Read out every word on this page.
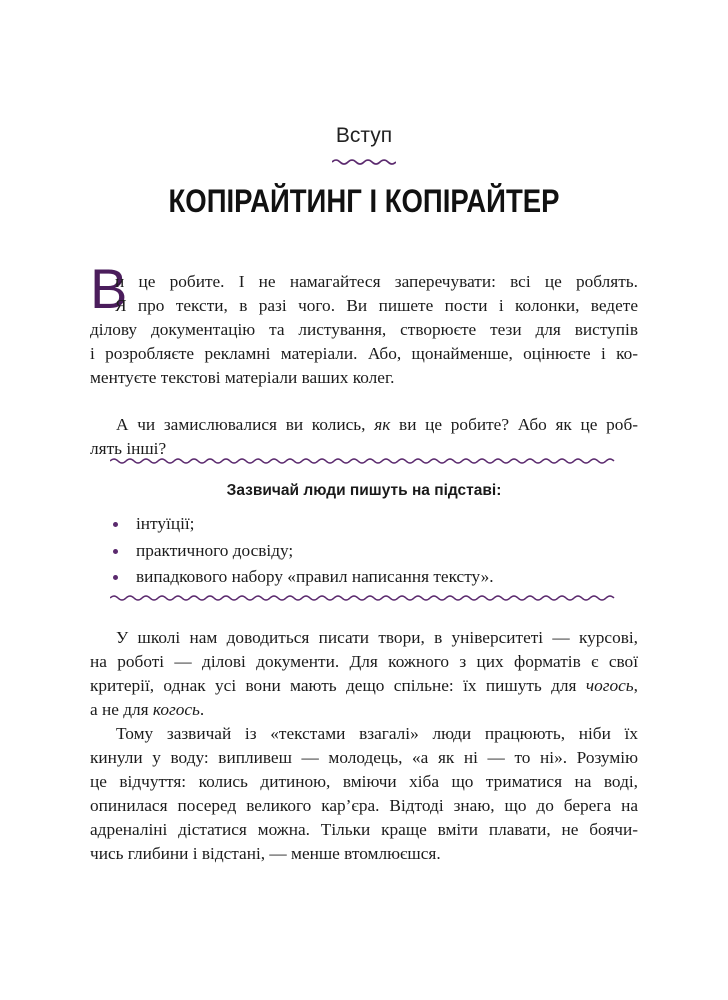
Вступ
КОПІРАЙТИНГ І КОПІРАЙТЕР
В
и це робите. І не намагайтеся заперечувати: всі це роблять.
Я про тексти, в разі чого. Ви пишете пости і колонки, ведете
ділову документацію та листування, створюєте тези для виступів
і розробляєте рекламні матеріали. Або, щонайменше, оцінюєте і ко-
ментуєте текстові матеріали ваших колег.
А чи замислювалися ви колись, як ви це робите? Або як це роб-
лять інші?
Зазвичай люди пишуть на підставі:
інтуїції;
практичного досвіду;
випадкового набору «правил написання тексту».
У школі нам доводиться писати твори, в університеті — курсові,
на роботі — ділові документи. Для кожного з цих форматів є свої
критерії, однак усі вони мають дещо спільне: їх пишуть для чогось,
а не для когось.
Тому зазвичай із «текстами взагалі» люди працюють, ніби їх
кинули у воду: випливеш — молодець, «а як ні — то ні». Розумію
це відчуття: колись дитиною, вміючи хіба що триматися на воді,
опинилася посеред великого кар’єра. Відтоді знаю, що до берега на
адреналіні дістатися можна. Тільки краще вміти плавати, не боячи-
чись глибини і відстані, — менше втомлюєшся.
